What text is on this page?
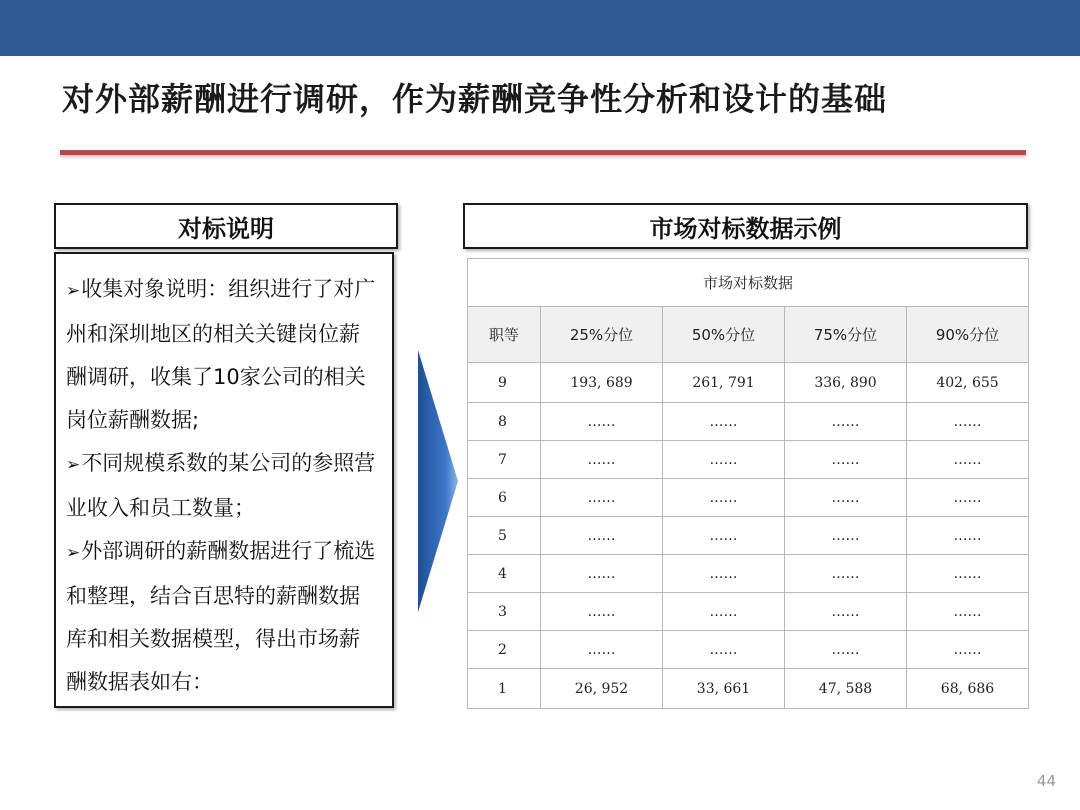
对外部薪酬进行调研，作为薪酬竞争性分析和设计的基础
对标说明

➢收集对象说明：组织进行了对广州和深圳地区的相关关键岗位薪酬调研，收集了10家公司的相关岗位薪酬数据;

➢不同规模系数的某公司的参照营业收入和员工数量；

➢外部调研的薪酬数据进行了梳选和整理，结合百思特的薪酬数据库和相关数据模型，得出市场薪酬数据表如右：

市场对标数据示例
市场对标数据				
职等	25%分位	50%分位	75%分位	90%分位
9	193, 689	261, 791	336, 890	402, 655
8	……	……	……	……
7	……	……	……	……
6	……	……	……	……
5	……	……	……	……
4	……	……	……	……
3	……	……	……	……
2	……	……	……	……
1	26, 952	33, 661	47, 588	68, 686
44
